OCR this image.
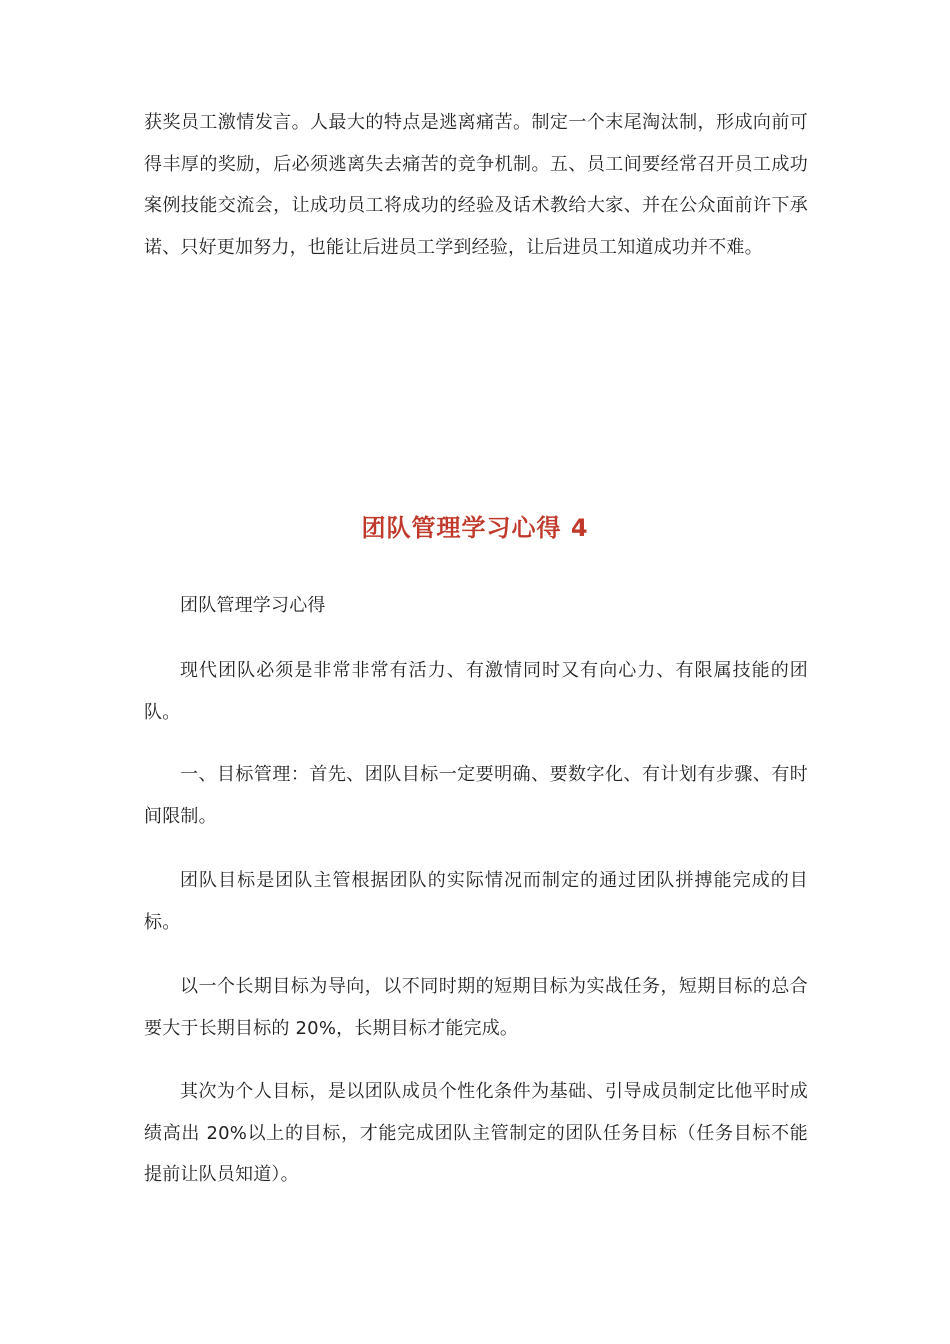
获奖员工激情发言。人最大的特点是逃离痛苦。制定一个末尾淘汰制，形成向前可得丰厚的奖励，后必须逃离失去痛苦的竞争机制。五、员工间要经常召开员工成功案例技能交流会，让成功员工将成功的经验及话术教给大家、并在公众面前许下承诺、只好更加努力，也能让后进员工学到经验，让后进员工知道成功并不难。

团队管理学习心得 4

团队管理学习心得

现代团队必须是非常非常有活力、有激情同时又有向心力、有限属技能的团队。

一、目标管理：首先、团队目标一定要明确、要数字化、有计划有步骤、有时间限制。

团队目标是团队主管根据团队的实际情况而制定的通过团队拼搏能完成的目标。

以一个长期目标为导向，以不同时期的短期目标为实战任务，短期目标的总合要大于长期目标的 20%，长期目标才能完成。

其次为个人目标，是以团队成员个性化条件为基础、引导成员制定比他平时成绩高出 20%以上的目标，才能完成团队主管制定的团队任务目标（任务目标不能提前让队员知道）。
